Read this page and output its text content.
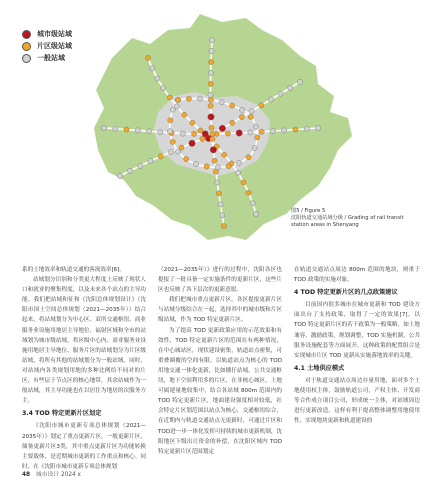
城市级站域
片区级站域
一般站域
图5 / Figure 5
沈阳轨道交通站域分级 / Grading of rail transit
station areas in Shenyang

系的土地效率和轨道交通的客流效率[6]。

站域划分识别和分类更大程度上反映了现状人口和就业的聚集程度，以及未来各个站点的主导功能。我们把站域和征和《沈阳总体规划设计》（沈阳市国土空间总体规划（2021—2035年））结合起来，将站域划分为中心区、双所交通枢纽、商业服务业设施用地居主导地位、福射区域和全市的站域划为城市级站域，将区级中心内、商业服务业设施用地居主导地位、服务片区的站域划分为片区级站域，将所有其他的站域划分为一般站域。同时，对站域内各类规划用地的多种比例给不同对的片区，有些层于节点区的核心地带，其余站城作为一般站域，其主导功能也在以居住为地居的次服务方主。

3.4 TOD 特定更新片区划定

《沈阳市城市更新专项总体规划（2021—2035年）》划定了重点更新片区，一般更新片区，储备更新片区3类，其中重点更新片区为功能转换主要载体，是近期城市更新的工作重点和核心。同时，在《沈阳市城市更新专项总体规划

（2021—2035年）》进行的过程中，沈阳各区也提报了一批具备一定实施条件的更新片区，这些片区也反映了各下层次的更新意愿。

我们把城市重点更新片区，各区提报更新片区与站域分级结合在一起，选择其中的城市级和片区级站域，作为 TOD 特定更新片区。

为了提高 TOD 更新政策应用的示范效果和有效性，TOD 特定更新片区的范围在有两种情况，在中心城站区，现状建设密集，轨道站点密集，可重叠圈覆的空间有限，以轨道站点为核心的 TOD 用地交通一体化更新，比如播仔站域。公共交通枢纽，地下空间利用多的片区，在非核心城区，土地可属建量地较集中，结合各站域 800m 范围内的 TOD 特定更新片区，地面建设强度相对较低，社会特定片区划范围以站点为核心，交通枢纽综合，在近期内与轨道交通站点无更新时，可通过片区和TOD进一步一体化发挥可持续的城市更新机制，沈阳地区下级出让资金的补偿，在沈阳区域内 TOD 特定更新片区范围划定

在轨道交通站点周边 800m 范围的地块，则重于 TOD 政策的实施对象。

4 TOD 特定更新片区的几点政策建议

目前国内很多城市在城市更新和 TOD 建设方面出台了支持政策，取得了一定的效果[7]。以 TOD 特定更新片区的若干政策为一般策略，如土地兼容，激励政策，规划调整，TOD 实施机制，公共服务设施配套等方面展开，这种政策的配置组合是实现城市片区 TOD 更新从实施落地效率的关键。

4.1 土地供应模式

对于轨道交通站点周边存量用地，面对多个土地使用权主体，鼓励轨道公司，产权主体、开发商等合作成立项目公司，形成统一主体，对站域周边进行更新改造。这样有利于提高整体调整用地使用性、实现地块更新和轨道建设的

48 城市设计 2024 x
